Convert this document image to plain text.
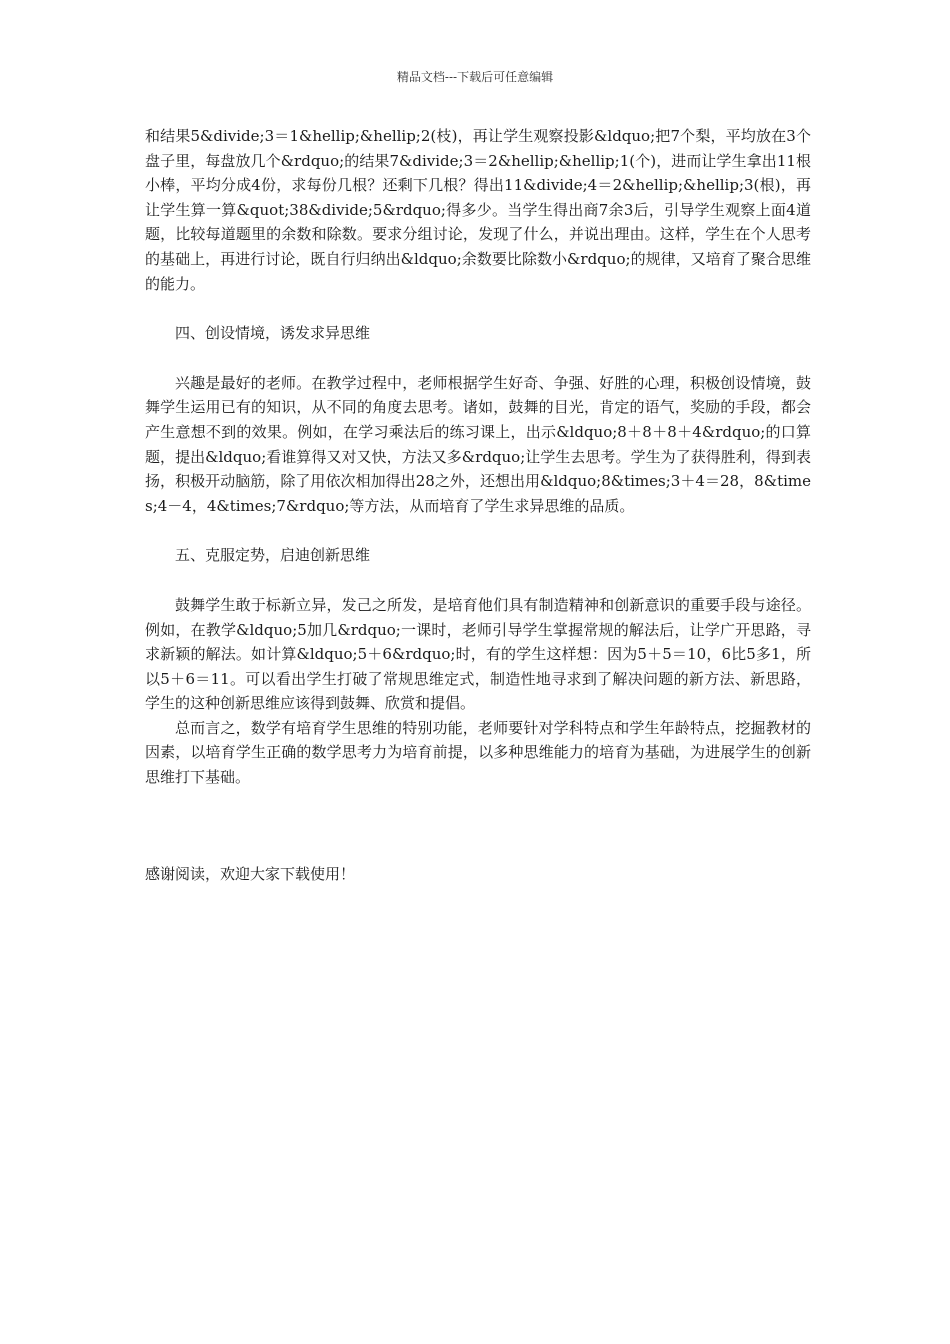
精品文档---下载后可任意编辑

和结果5&divide;3＝1&hellip;&hellip;2(枝)，再让学生观察投影&ldquo;把7个梨，平均放在3个盘子里，每盘放几个&rdquo;的结果7&divide;3＝2&hellip;&hellip;1(个)，进而让学生拿出11根小棒，平均分成4份，求每份几根？还剩下几根？得出11&divide;4＝2&hellip;&hellip;3(根)，再让学生算一算&quot;38&divide;5&rdquo;得多少。当学生得出商7余3后，引导学生观察上面4道题，比较每道题里的余数和除数。要求分组讨论，发现了什么，并说出理由。这样，学生在个人思考的基础上，再进行讨论，既自行归纳出&ldquo;余数要比除数小&rdquo;的规律，又培育了聚合思维的能力。

四、创设情境，诱发求异思维

兴趣是最好的老师。在教学过程中，老师根据学生好奇、争强、好胜的心理，积极创设情境，鼓舞学生运用已有的知识，从不同的角度去思考。诸如，鼓舞的目光，肯定的语气，奖励的手段，都会产生意想不到的效果。例如，在学习乘法后的练习课上，出示&ldquo;8＋8＋8＋4&rdquo;的口算题，提出&ldquo;看谁算得又对又快，方法又多&rdquo;让学生去思考。学生为了获得胜利，得到表扬，积极开动脑筋，除了用依次相加得出28之外，还想出用&ldquo;8&times;3＋4＝28，8&times;4－4，4&times;7&rdquo;等方法，从而培育了学生求异思维的品质。

五、克服定势，启迪创新思维

鼓舞学生敢于标新立异，发己之所发，是培育他们具有制造精神和创新意识的重要手段与途径。例如，在教学&ldquo;5加几&rdquo;一课时，老师引导学生掌握常规的解法后，让学广开思路，寻求新颖的解法。如计算&ldquo;5＋6&rdquo;时，有的学生这样想：因为5＋5＝10，6比5多1，所以5＋6＝11。可以看出学生打破了常规思维定式，制造性地寻求到了解决问题的新方法、新思路，学生的这种创新思维应该得到鼓舞、欣赏和提倡。

总而言之，数学有培育学生思维的特别功能，老师要针对学科特点和学生年龄特点，挖掘教材的因素，以培育学生正确的数学思考力为培育前提，以多种思维能力的培育为基础，为进展学生的创新思维打下基础。

感谢阅读，欢迎大家下载使用！
